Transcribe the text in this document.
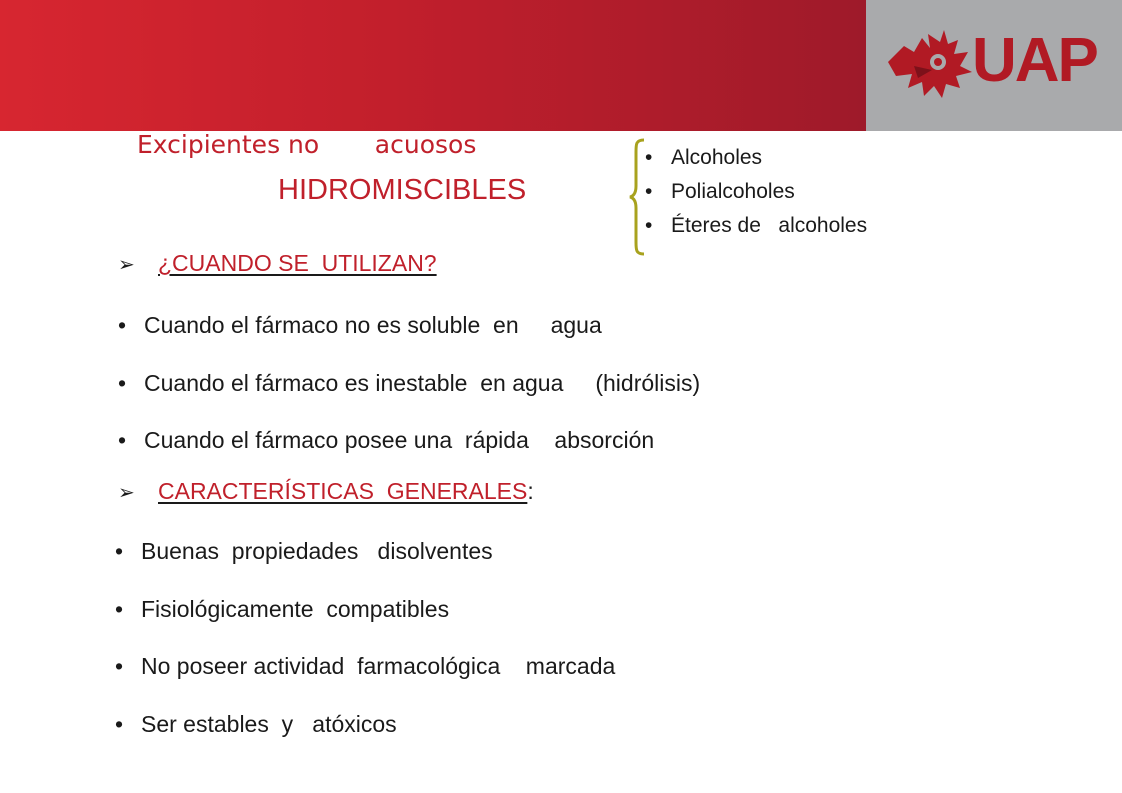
UAP
Excipientes no       acuosos
HIDROMISCIBLES
• Alcoholes
• Polialcoholes
• Éteres de   alcoholes
➢ ¿CUANDO SE  UTILIZAN?
• Cuando el fármaco no es soluble  en     agua
• Cuando el fármaco es inestable  en agua     (hidrólisis)
• Cuando el fármaco posee una  rápida    absorción
➢ CARACTERÍSTICAS  GENERALES:
• Buenas  propiedades   disolventes
• Fisiológicamente  compatibles
• No poseer actividad  farmacológica    marcada
• Ser estables  y   atóxicos
